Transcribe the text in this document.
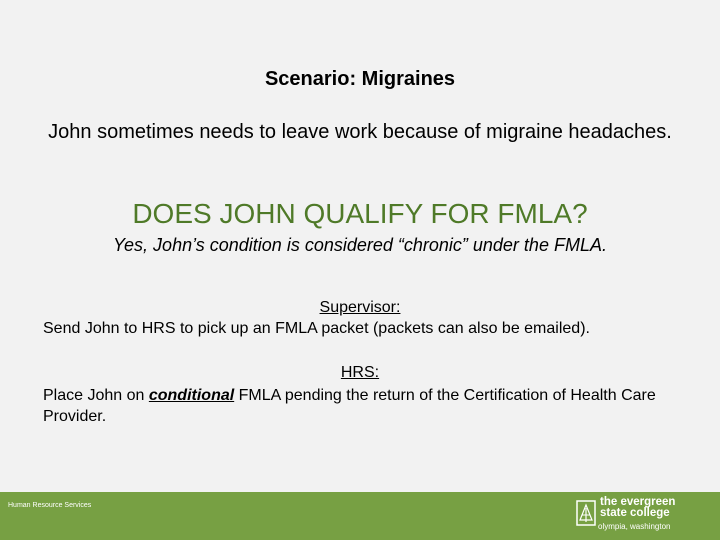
Scenario: Migraines
John sometimes needs to leave work because of migraine headaches.
DOES JOHN QUALIFY FOR FMLA?
Yes, John’s condition is considered “chronic” under the FMLA.
Supervisor:
Send John to HRS to pick up an FMLA packet (packets can also be emailed).
HRS:
Place John on conditional FMLA pending the return of the Certification of Health Care Provider.
Human Resource Services	the evergreen
state college
olympia, washington
